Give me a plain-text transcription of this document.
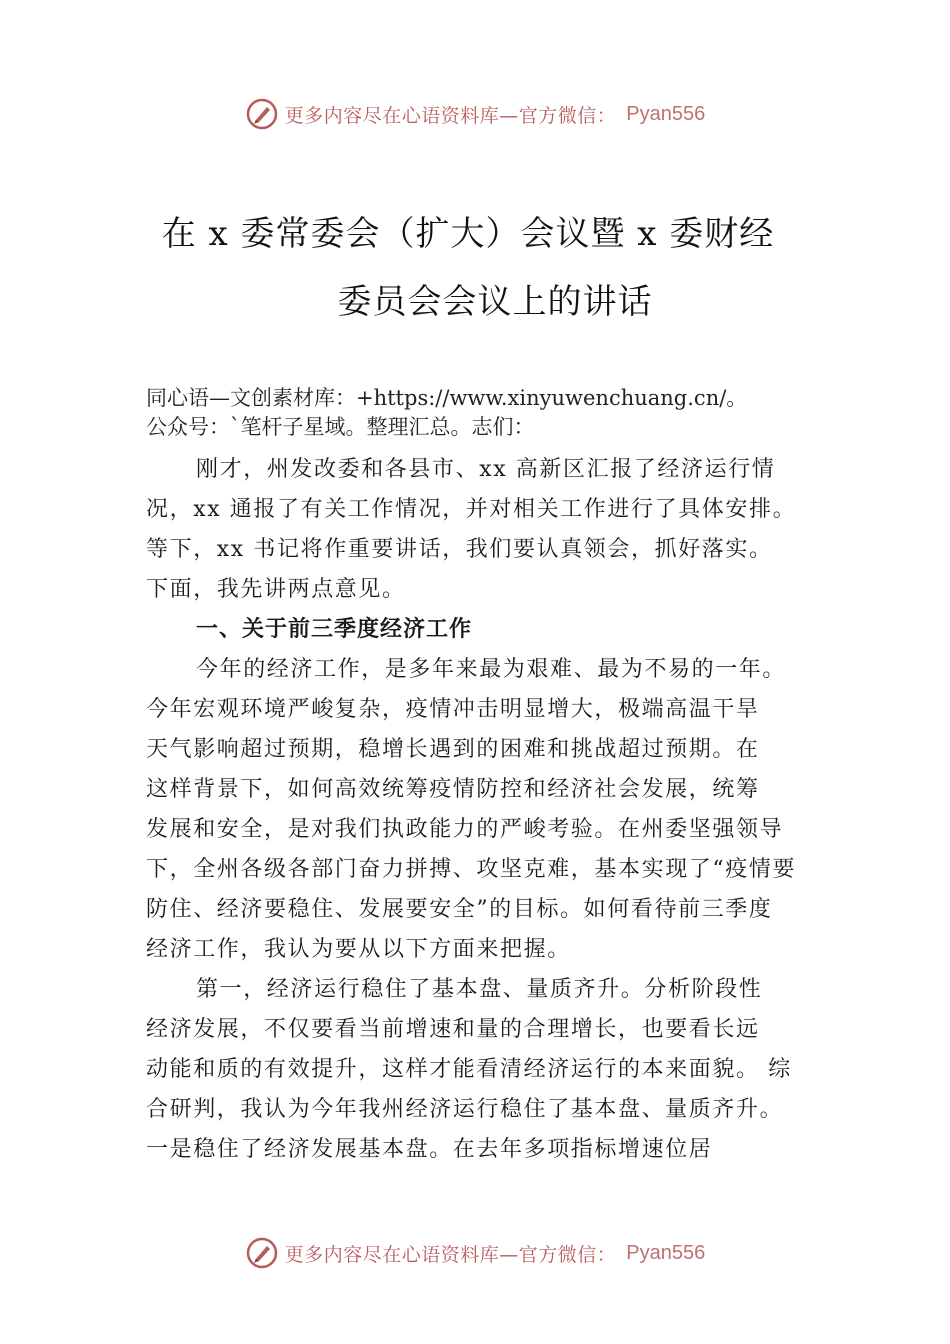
更多内容尽在心语资料库—官方微信： Pyan556
在 x 委常委会（扩大）会议暨 x 委财经
委员会会议上的讲话
同心语—文创素材库：+https://www.xinyuwenchuang.cn/。
公众号：`笔杆子星域。整理汇总。志们：
刚才，州发改委和各县市、xx 高新区汇报了经济运行情
况，xx 通报了有关工作情况，并对相关工作进行了具体安排。
等下，xx 书记将作重要讲话，我们要认真领会，抓好落实。
下面，我先讲两点意见。
一、关于前三季度经济工作
今年的经济工作，是多年来最为艰难、最为不易的一年。
今年宏观环境严峻复杂，疫情冲击明显增大，极端高温干旱
天气影响超过预期，稳增长遇到的困难和挑战超过预期。在
这样背景下，如何高效统筹疫情防控和经济社会发展，统筹
发展和安全，是对我们执政能力的严峻考验。在州委坚强领导
下，全州各级各部门奋力拼搏、攻坚克难，基本实现了“疫情要
防住、经济要稳住、发展要安全”的目标。如何看待前三季度
经济工作，我认为要从以下方面来把握。
第一，经济运行稳住了基本盘、量质齐升。分析阶段性
经济发展，不仅要看当前增速和量的合理增长，也要看长远
动能和质的有效提升，这样才能看清经济运行的本来面貌。 综
合研判，我认为今年我州经济运行稳住了基本盘、量质齐升。
一是稳住了经济发展基本盘。在去年多项指标增速位居
更多内容尽在心语资料库—官方微信： Pyan556
